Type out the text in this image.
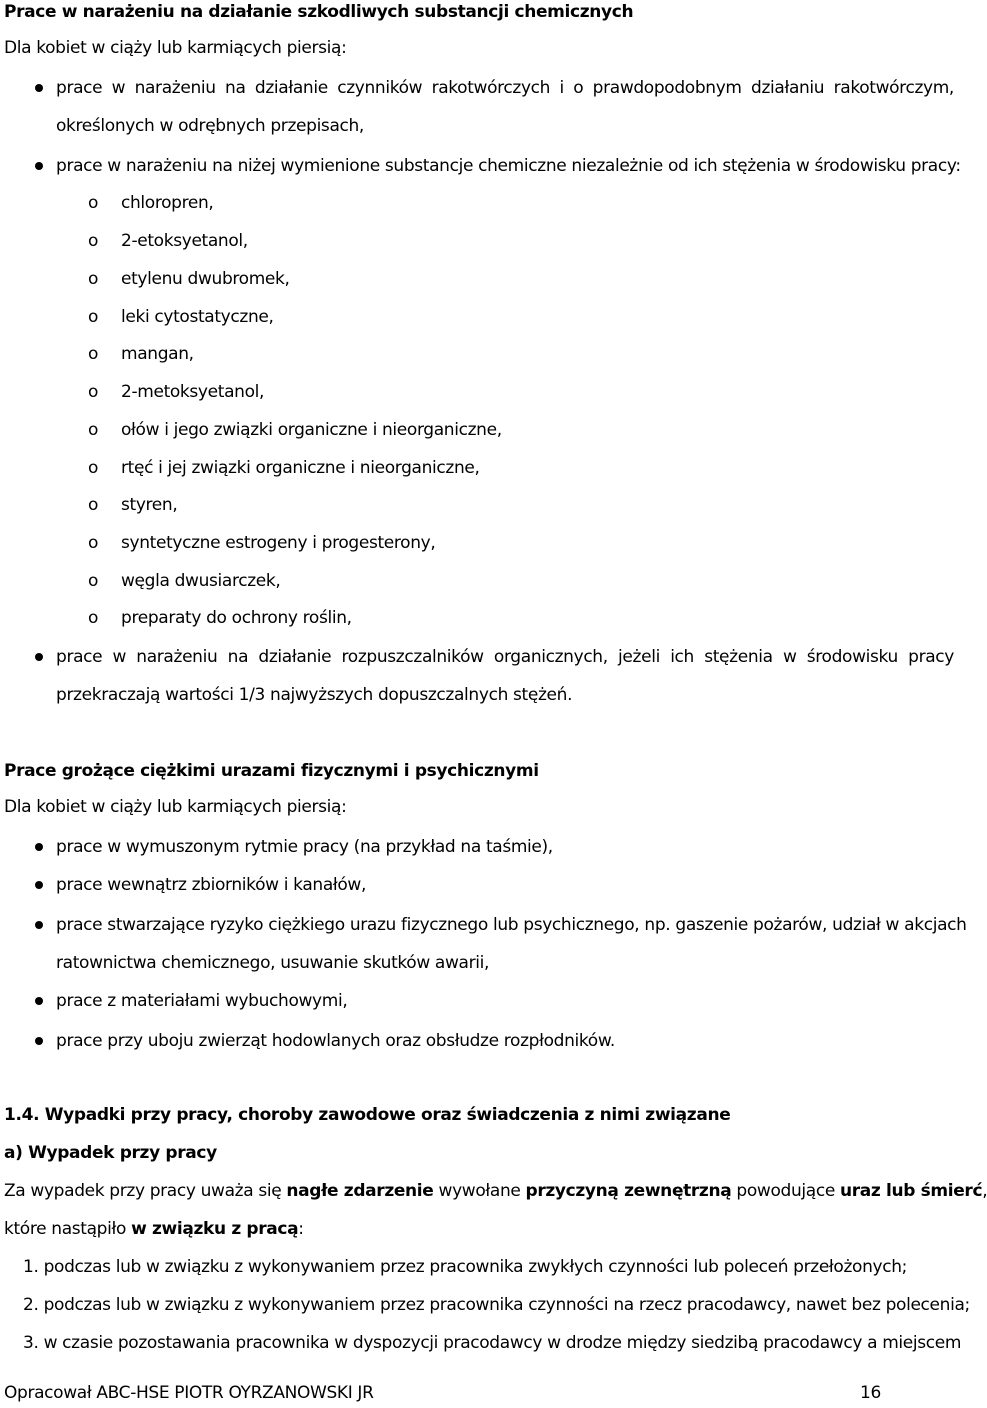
Prace w narażeniu na działanie szkodliwych substancji chemicznych
Dla kobiet w ciąży lub karmiących piersią:
prace w narażeniu na działanie czynników rakotwórczych i o prawdopodobnym działaniu rakotwórczym,
określonych w odrębnych przepisach,
prace w narażeniu na niżej wymienione substancje chemiczne niezależnie od ich stężenia w środowisku pracy:
o chloropren,
o 2-etoksyetanol,
o etylenu dwubromek,
o leki cytostatyczne,
o mangan,
o 2-metoksyetanol,
o ołów i jego związki organiczne i nieorganiczne,
o rtęć i jej związki organiczne i nieorganiczne,
o styren,
o syntetyczne estrogeny i progesterony,
o węgla dwusiarczek,
o preparaty do ochrony roślin,
prace w narażeniu na działanie rozpuszczalników organicznych, jeżeli ich stężenia w środowisku pracy
przekraczają wartości 1/3 najwyższych dopuszczalnych stężeń.
Prace grożące ciężkimi urazami fizycznymi i psychicznymi
Dla kobiet w ciąży lub karmiących piersią:
prace w wymuszonym rytmie pracy (na przykład na taśmie),
prace wewnątrz zbiorników i kanałów,
prace stwarzające ryzyko ciężkiego urazu fizycznego lub psychicznego, np. gaszenie pożarów, udział w akcjach
ratownictwa chemicznego, usuwanie skutków awarii,
prace z materiałami wybuchowymi,
prace przy uboju zwierząt hodowlanych oraz obsłudze rozpłodników.
1.4. Wypadki przy pracy, choroby zawodowe oraz świadczenia z nimi związane
a) Wypadek przy pracy
Za wypadek przy pracy uważa się nagłe zdarzenie wywołane przyczyną zewnętrzną powodujące uraz lub śmierć,
które nastąpiło w związku z pracą:
1. podczas lub w związku z wykonywaniem przez pracownika zwykłych czynności lub poleceń przełożonych;
2. podczas lub w związku z wykonywaniem przez pracownika czynności na rzecz pracodawcy, nawet bez polecenia;
3. w czasie pozostawania pracownika w dyspozycji pracodawcy w drodze między siedzibą pracodawcy a miejscem
Opracował ABC-HSE PIOTR OYRZANOWSKI JR	16
